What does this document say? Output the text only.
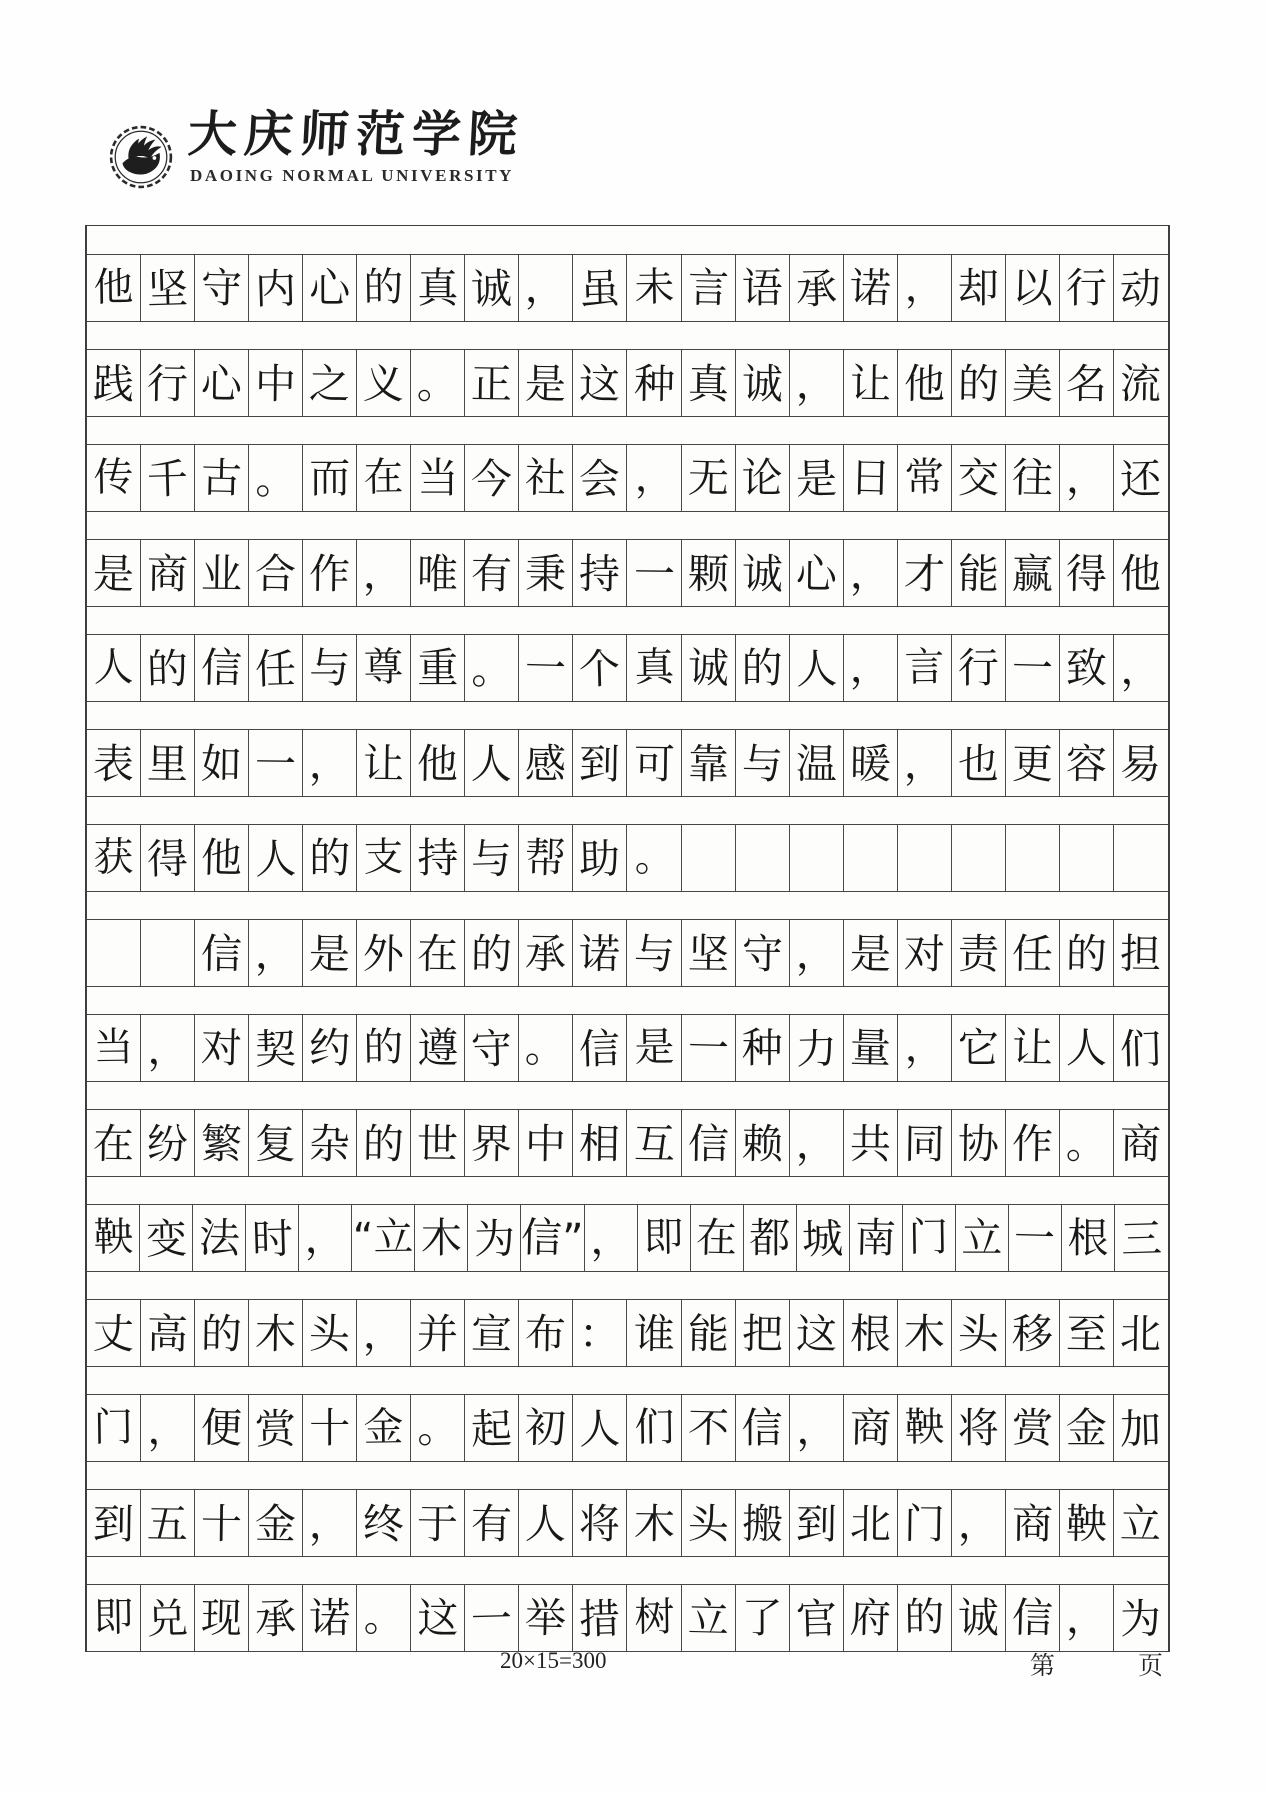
大庆师范学院
DAOING NORMAL UNIVERSITY
他 坚 守 内 心 的 真 诚 ， 虽 未 言 语 承 诺 ， 却 以 行 动
践 行 心 中 之 义 。 正 是 这 种 真 诚 ， 让 他 的 美 名 流
传 千 古 。 而 在 当 今 社 会 ， 无 论 是 日 常 交 往 ， 还
是 商 业 合 作 ， 唯 有 秉 持 一 颗 诚 心 ， 才 能 赢 得 他
人 的 信 任 与 尊 重 。 一 个 真 诚 的 人 ， 言 行 一 致 ，
表 里 如 一 ， 让 他 人 感 到 可 靠 与 温 暖 ， 也 更 容 易
获 得 他 人 的 支 持 与 帮 助 。
信 ， 是 外 在 的 承 诺 与 坚 守 ， 是 对 责 任 的 担
当 ， 对 契 约 的 遵 守 。 信 是 一 种 力 量 ， 它 让 人 们
在 纷 繁 复 杂 的 世 界 中 相 互 信 赖 ， 共 同 协 作 。 商
鞅 变 法 时 ， “立 木 为 信” ， 即 在 都 城 南 门 立 一 根 三
丈 高 的 木 头 ， 并 宣 布 ： 谁 能 把 这 根 木 头 移 至 北
门 ， 便 赏 十 金 。 起 初 人 们 不 信 ， 商 鞅 将 赏 金 加
到 五 十 金 ， 终 于 有 人 将 木 头 搬 到 北 门 ， 商 鞅 立
即 兑 现 承 诺 。 这 一 举 措 树 立 了 官 府 的 诚 信 ， 为
20×15=300	第	页
